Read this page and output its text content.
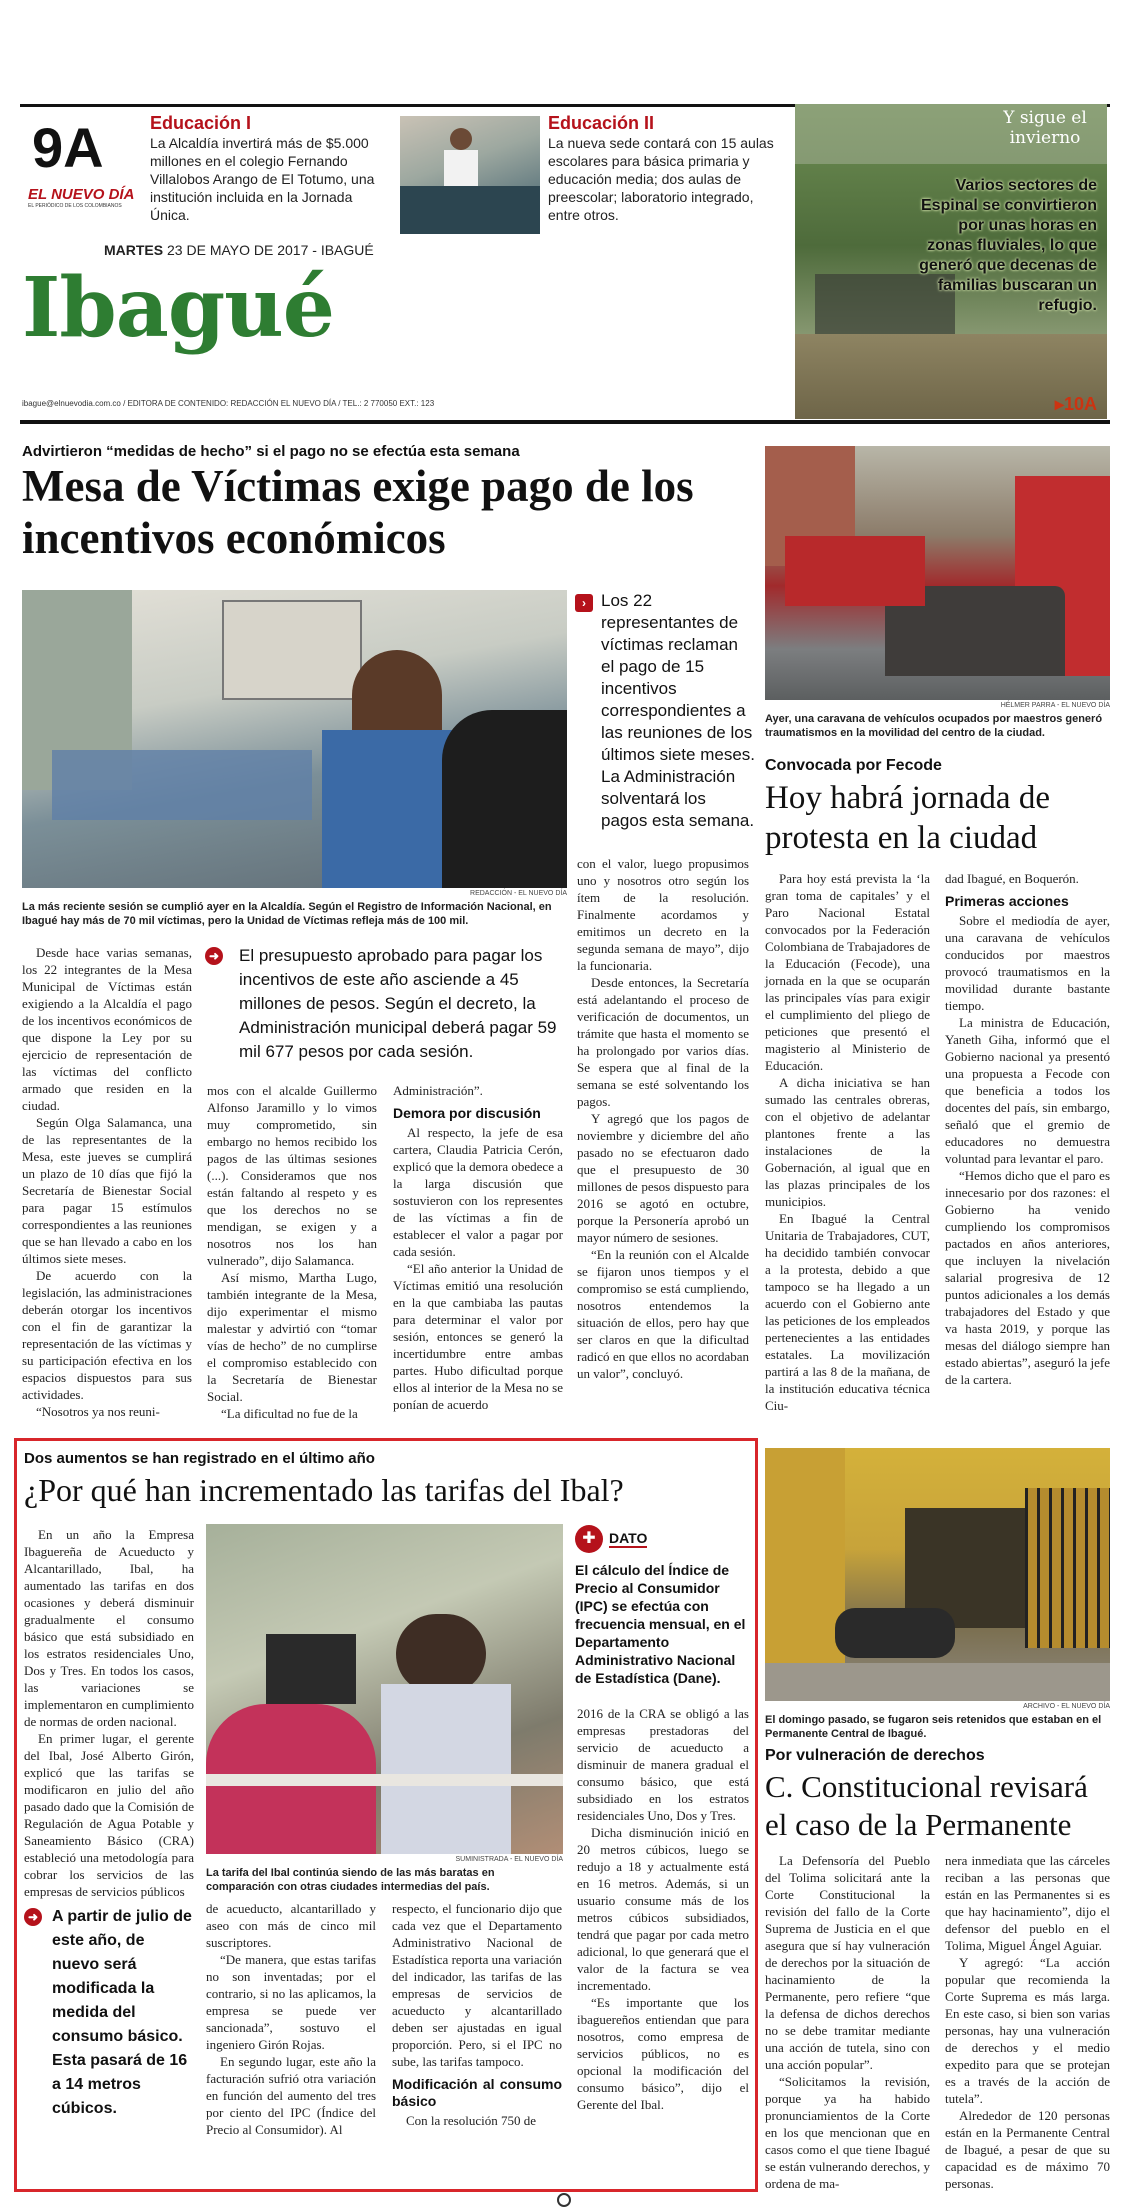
9A
EL NUEVO DÍA
EL PERIÓDICO DE LOS COLOMBIANOS
Educación I
La Alcaldía invertirá más de $5.000 millones en el colegio Fernando Villalobos Arango de El Totumo, una institución incluida en la Jornada Única.
Educación II
La nueva sede contará con 15 aulas escolares para básica primaria y educación media; dos aulas de preescolar; laboratorio integrado, entre otros.
MARTES 23 DE MAYO DE 2017 - IBAGUÉ
Ibagué
ibague@elnuevodia.com.co / EDITORA DE CONTENIDO: REDACCIÓN EL NUEVO DÍA / TEL.: 2 770050 EXT.: 123
Y sigue el invierno
Varios sectores de Espinal se convirtieron por unas horas en zonas fluviales, lo que generó que decenas de familias buscaran un refugio.
▸10A
Advirtieron “medidas de hecho” si el pago no se efectúa esta semana
Mesa de Víctimas exige pago de los incentivos económicos
REDACCIÓN - EL NUEVO DÍA
La más reciente sesión se cumplió ayer en la Alcaldía. Según el Registro de Información Nacional, en Ibagué hay más de 70 mil víctimas, pero la Unidad de Víctimas refleja más de 100 mil.
› Los 22 representantes de víctimas reclaman el pago de 15 incentivos correspondientes a las reuniones de los últimos siete meses. La Administración solventará los pagos esta semana.

Desde hace varias semanas, los 22 integrantes de la Mesa Municipal de Víctimas están exigiendo a la Alcaldía el pago de los incentivos económicos de que dispone la Ley por su ejercicio de representación de las víctimas del conflicto armado que residen en la ciudad.

Según Olga Salamanca, una de las representantes de la Mesa, este jueves se cumplirá un plazo de 10 días que fijó la Secretaría de Bienestar Social para pagar 15 estímulos correspondientes a las reuniones que se han llevado a cabo en los últimos siete meses.

De acuerdo con la legislación, las administraciones deberán otorgar los incentivos con el fin de garantizar la representación de las víctimas y su participación efectiva en los espacios dispuestos para sus actividades.

“Nosotros ya nos reuni-

➜	El presupuesto aprobado para pagar los incentivos de este año asciende a 45 millones de pesos. Según el decreto, la Administración municipal deberá pagar 59 mil 677 pesos por cada sesión.

mos con el alcalde Guillermo Alfonso Jaramillo y lo vimos muy comprometido, sin embargo no hemos recibido los pagos de las últimas sesiones (...). Consideramos que nos están faltando al respeto y es que los derechos no se mendigan, se exigen y a nosotros nos los han vulnerado”, dijo Salamanca.

Así mismo, Martha Lugo, también integrante de la Mesa, dijo experimentar el mismo malestar y advirtió con “tomar vías de hecho” de no cumplirse el compromiso establecido con la Secretaría de Bienestar Social.

“La dificultad no fue de la

Administración”.

Demora por discusión

Al respecto, la jefe de esa cartera, Claudia Patricia Cerón, explicó que la demora obedece a la larga discusión que sostuvieron con los representes de las víctimas a fin de establecer el valor a pagar por cada sesión.

“El año anterior la Unidad de Víctimas emitió una resolución en la que cambiaba las pautas para determinar el valor por sesión, entonces se generó la incertidumbre entre ambas partes. Hubo dificultad porque ellos al interior de la Mesa no se ponían de acuerdo

con el valor, luego propusimos uno y nosotros otro según los ítem de la resolución. Finalmente acordamos y emitimos un decreto en la segunda semana de mayo”, dijo la funcionaria.

Desde entonces, la Secretaría está adelantando el proceso de verificación de documentos, un trámite que hasta el momento se ha prolongado por varios días. Se espera que al final de la semana se esté solventando los pagos.

Y agregó que los pagos de noviembre y diciembre del año pasado no se efectuaron dado que el presupuesto de 30 millones de pesos dispuesto para 2016 se agotó en octubre, porque la Personería aprobó un mayor número de sesiones.

“En la reunión con el Alcalde se fijaron unos tiempos y el compromiso se está cumpliendo, nosotros entendemos la situación de ellos, pero hay que ser claros en que la dificultad radicó en que ellos no acordaban un valor”, concluyó.

HÉLMER PARRA - EL NUEVO DÍA
Ayer, una caravana de vehículos ocupados por maestros generó traumatismos en la movilidad del centro de la ciudad.
Convocada por Fecode
Hoy habrá jornada de protesta en la ciudad

Para hoy está prevista la ‘la gran toma de capitales’ y el Paro Nacional Estatal convocados por la Federación Colombiana de Trabajadores de la Educación (Fecode), una jornada en la que se ocuparán las principales vías para exigir el cumplimiento del pliego de peticiones que presentó el magisterio al Ministerio de Educación.

A dicha iniciativa se han sumado las centrales obreras, con el objetivo de adelantar plantones frente a las instalaciones de la Gobernación, al igual que en las plazas principales de los municipios.

En Ibagué la Central Unitaria de Trabajadores, CUT, ha decidido también convocar a la protesta, debido a que tampoco se ha llegado a un acuerdo con el Gobierno ante las peticiones de los empleados pertenecientes a las entidades estatales. La movilización partirá a las 8 de la mañana, de la institución educativa técnica Ciu-

dad Ibagué, en Boquerón.

Primeras acciones

Sobre el mediodía de ayer, una caravana de vehículos conducidos por maestros provocó traumatismos en la movilidad durante bastante tiempo.

La ministra de Educación, Yaneth Giha, informó que el Gobierno nacional ya presentó una propuesta a Fecode con que beneficia a todos los docentes del país, sin embargo, señaló que el gremio de educadores no demuestra voluntad para levantar el paro.

“Hemos dicho que el paro es innecesario por dos razones: el Gobierno ha venido cumpliendo los compromisos pactados en años anteriores, que incluyen la nivelación salarial progresiva de 12 puntos adicionales a los demás trabajadores del Estado y que va hasta 2019, y porque las mesas del diálogo siempre han estado abiertas”, aseguró la jefe de la cartera.

Dos aumentos se han registrado en el último año
¿Por qué han incrementado las tarifas del Ibal?

En un año la Empresa Ibaguereña de Acueducto y Alcantarillado, Ibal, ha aumentado las tarifas en dos ocasiones y deberá disminuir gradualmente el consumo básico que está subsidiado en los estratos residenciales Uno, Dos y Tres. En todos los casos, las variaciones se implementaron en cumplimiento de normas de orden nacional.

En primer lugar, el gerente del Ibal, José Alberto Girón, explicó que las tarifas se modificaron en julio del año pasado dado que la Comisión de Regulación de Agua Potable y Saneamiento Básico (CRA) estableció una metodología para cobrar los servicios de las empresas de servicios públicos

SUMINISTRADA - EL NUEVO DÍA
La tarifa del Ibal continúa siendo de las más baratas en comparación con otras ciudades intermedias del país.
✚ DATO
El cálculo del Índice de Precio al Consumidor (IPC) se efectúa con frecuencia mensual, en el Departamento Administrativo Nacional de Estadística (Dane).
➜ A partir de julio de este año, de nuevo será modificada la medida del consumo básico. Esta pasará de 16 a 14 metros cúbicos.

de acueducto, alcantarillado y aseo con más de cinco mil suscriptores.

“De manera, que estas tarifas no son inventadas; por el contrario, si no las aplicamos, la empresa se puede ver sancionada”, sostuvo el ingeniero Girón Rojas.

En segundo lugar, este año la facturación sufrió otra variación en función del aumento del tres por ciento del IPC (Índice del Precio al Consumidor). Al

respecto, el funcionario dijo que cada vez que el Departamento Administrativo Nacional de Estadística reporta una variación del indicador, las tarifas de las empresas de servicios de acueducto y alcantarillado deben ser ajustadas en igual proporción. Pero, si el IPC no sube, las tarifas tampoco.

Modificación al consumo básico

Con la resolución 750 de

2016 de la CRA se obligó a las empresas prestadoras del servicio de acueducto a disminuir de manera gradual el consumo básico, que está subsidiado en los estratos residenciales Uno, Dos y Tres.

Dicha disminución inició en 20 metros cúbicos, luego se redujo a 18 y actualmente está en 16 metros. Además, si un usuario consume más de los metros cúbicos subsidiados, tendrá que pagar por cada metro adicional, lo que generará que el valor de la factura se vea incrementado.

“Es importante que los ibaguereños entiendan que para nosotros, como empresa de servicios públicos, no es opcional la modificación del consumo básico”, dijo el Gerente del Ibal.

ARCHIVO - EL NUEVO DÍA
El domingo pasado, se fugaron seis retenidos que estaban en el Permanente Central de Ibagué.
Por vulneración de derechos
C. Constitucional revisará el caso de la Permanente

La Defensoría del Pueblo del Tolima solicitará ante la Corte Constitucional la revisión del fallo de la Corte Suprema de Justicia en el que asegura que sí hay vulneración de derechos por la situación de hacinamiento de la Permanente, pero refiere “que la defensa de dichos derechos no se debe tramitar mediante una acción de tutela, sino con una acción popular”.

“Solicitamos la revisión, porque ya ha habido pronunciamientos de la Corte en los que mencionan que en casos como el que tiene Ibagué se están vulnerando derechos, y ordena de ma-

nera inmediata que las cárceles reciban a las personas que están en las Permanentes si es que hay hacinamiento”, dijo el defensor del pueblo en el Tolima, Miguel Ángel Aguiar.

Y agregó: “La acción popular que recomienda la Corte Suprema es más larga. En este caso, si bien son varias personas, hay una vulneración de derechos y el medio expedito para que se protejan es a través de la acción de tutela”.

Alrededor de 120 personas están en la Permanente Central de Ibagué, a pesar de que su capacidad es de máximo 70 personas.
